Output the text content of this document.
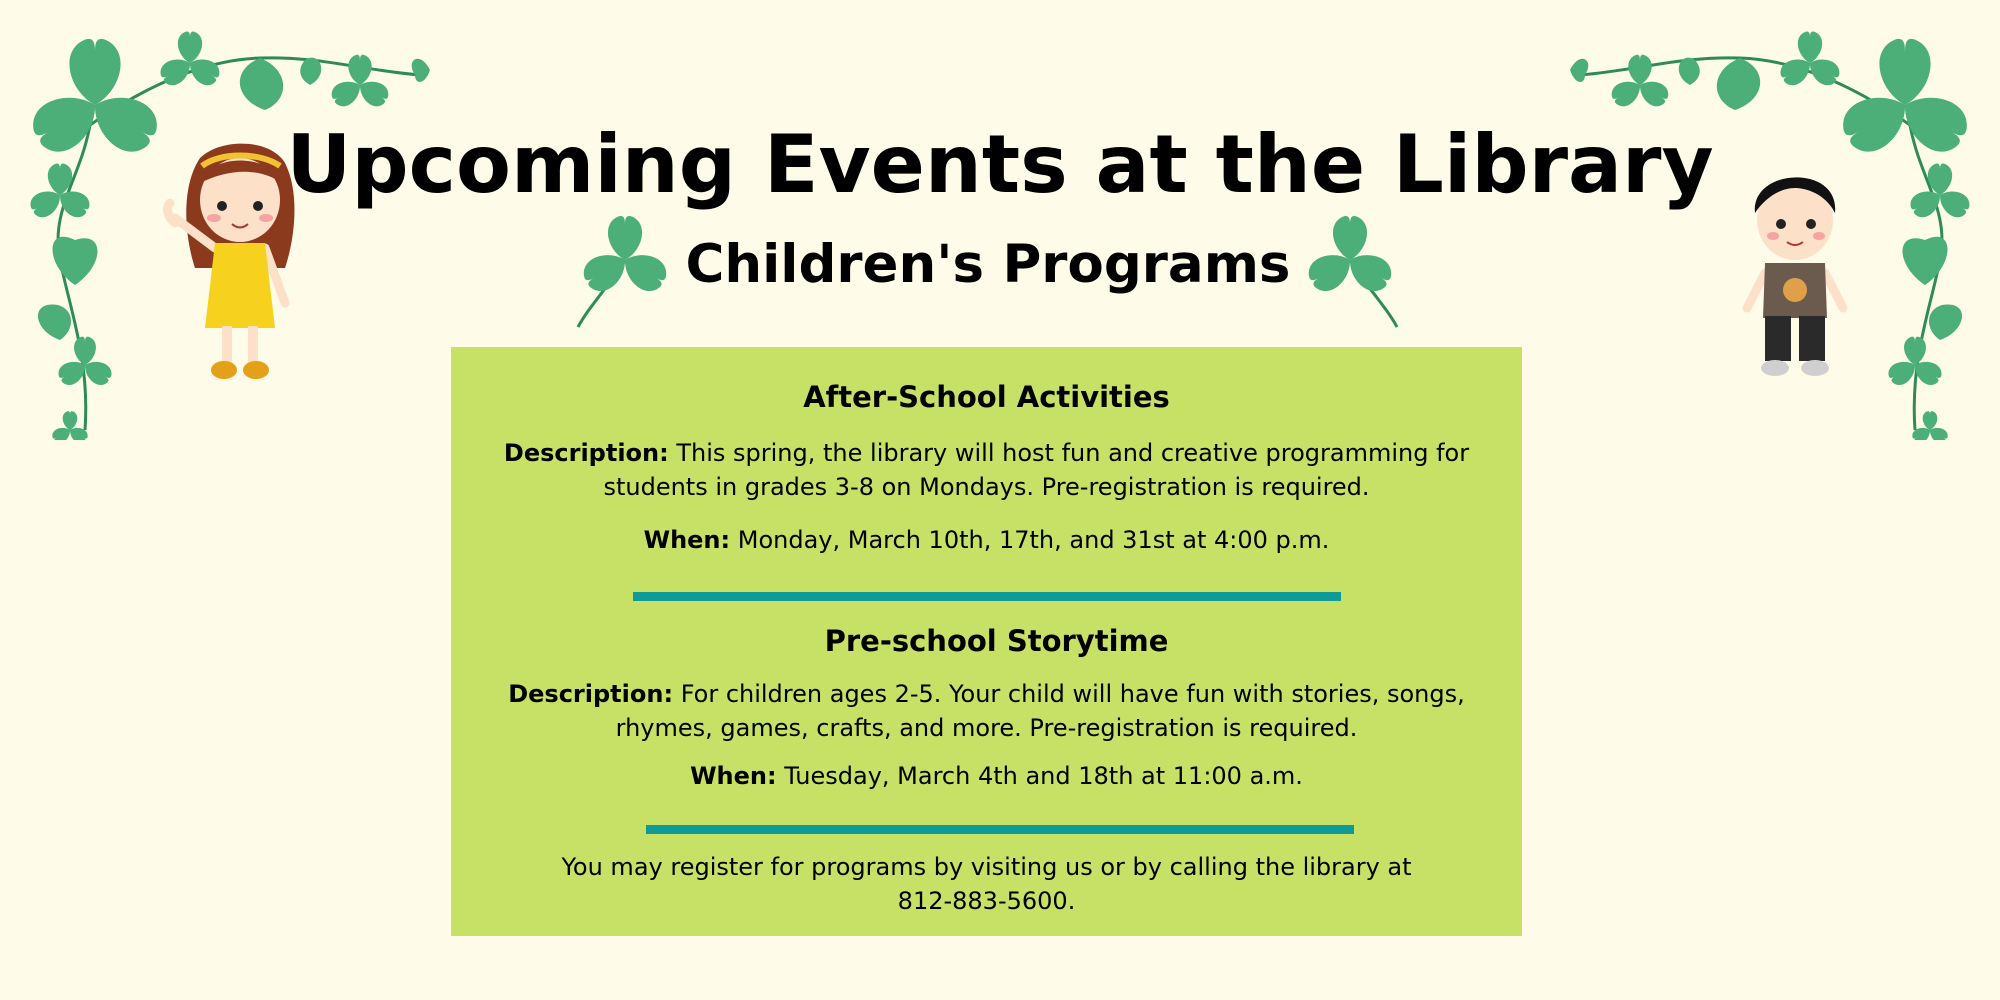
Upcoming Events at the Library
Children's Programs
After-School Activities
Description: This spring, the library will host fun and creative programming for
students in grades 3-8 on Mondays. Pre-registration is required.
When: Monday, March 10th, 17th, and 31st at 4:00 p.m.
Pre-school Storytime
Description: For children ages 2-5. Your child will have fun with stories, songs,
rhymes, games, crafts, and more. Pre-registration is required.
When: Tuesday, March 4th and 18th at 11:00 a.m.
You may register for programs by visiting us or by calling the library at
812-883-5600.
